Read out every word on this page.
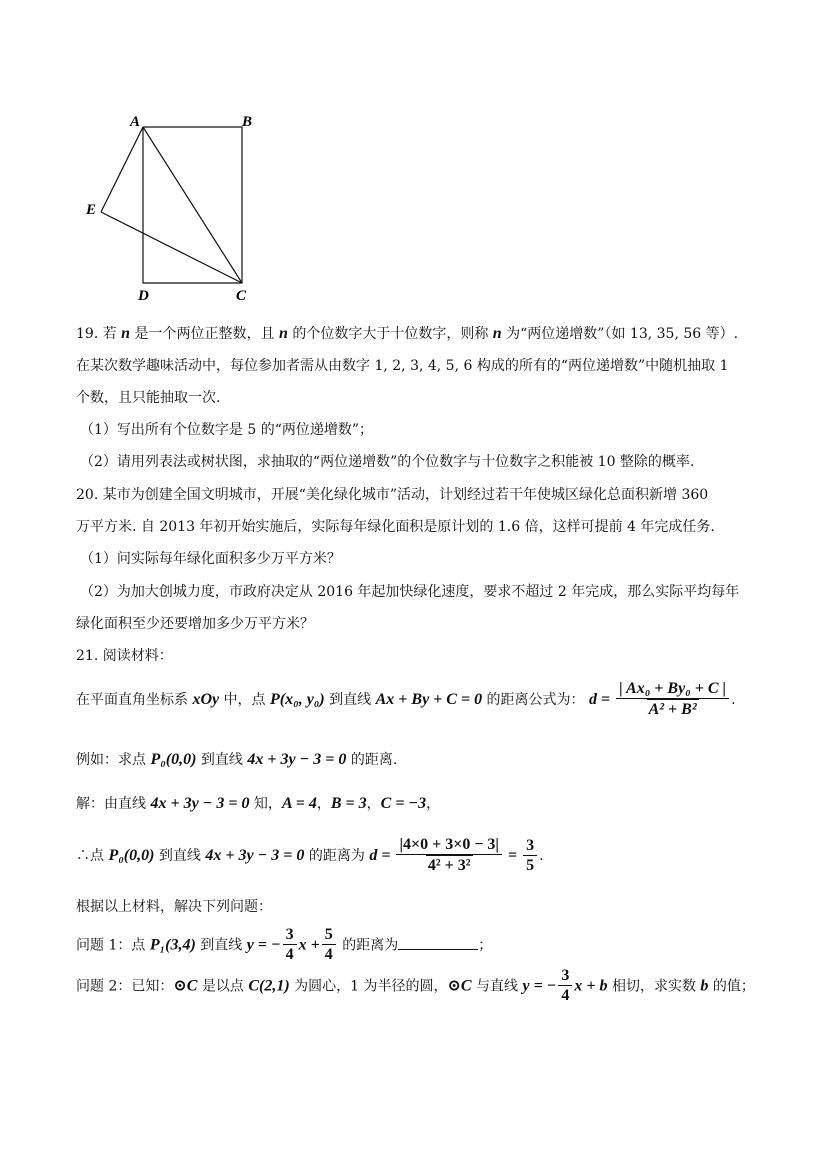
A	B
E
D	C
19. 若 n 是一个两位正整数，且 n 的个位数字大于十位数字，则称 n 为“两位递增数”（如 13, 35, 56 等）.
在某次数学趣味活动中，每位参加者需从由数字 1, 2, 3, 4, 5, 6 构成的所有的“两位递增数”中随机抽取 1
个数，且只能抽取一次.
（1）写出所有个位数字是 5 的“两位递增数”；
（2）请用列表法或树状图，求抽取的“两位递增数”的个位数字与十位数字之积能被 10 整除的概率.
20. 某市为创建全国文明城市，开展“美化绿化城市”活动，计划经过若干年使城区绿化总面积新增 360
万平方米. 自 2013 年初开始实施后，实际每年绿化面积是原计划的 1.6 倍，这样可提前 4 年完成任务.
（1）问实际每年绿化面积多少万平方米？
（2）为加大创城力度，市政府决定从 2016 年起加快绿化速度，要求不超过 2 年完成，那么实际平均每年
绿化面积至少还要增加多少万平方米？
21. 阅读材料：
在平面直角坐标系 xOy 中，点 P(x₀, y₀) 到直线 Ax + By + C = 0 的距离公式为： $d = \frac{\text{| Ax₀ + By₀ + C |}}{\text{A² + B²}}$ .
例如：求点 P₀(0,0) 到直线 4x + 3y − 3 = 0 的距离.
解：由直线 4x + 3y − 3 = 0 知，A = 4，B = 3，C = −3，
∴点 P₀(0,0) 到直线 4x + 3y − 3 = 0 的距离为 $d = \frac{|4\times 0 + 3\times 0 - 3|}{\text{4² + 3²}} = \frac{3}{5}$ .
根据以上材料，解决下列问题：
问题 1：点 P₁(3,4) 到直线 y = − $\frac{3}{4}$ $x + \frac{5}{4}$ 的距离为	；
问题 2：已知：⊙C 是以点 C(2,1) 为圆心，1 为半径的圆，⊙C 与直线 y = − $\frac{3}{4}$ x + b 相切，求实数 b 的值；
